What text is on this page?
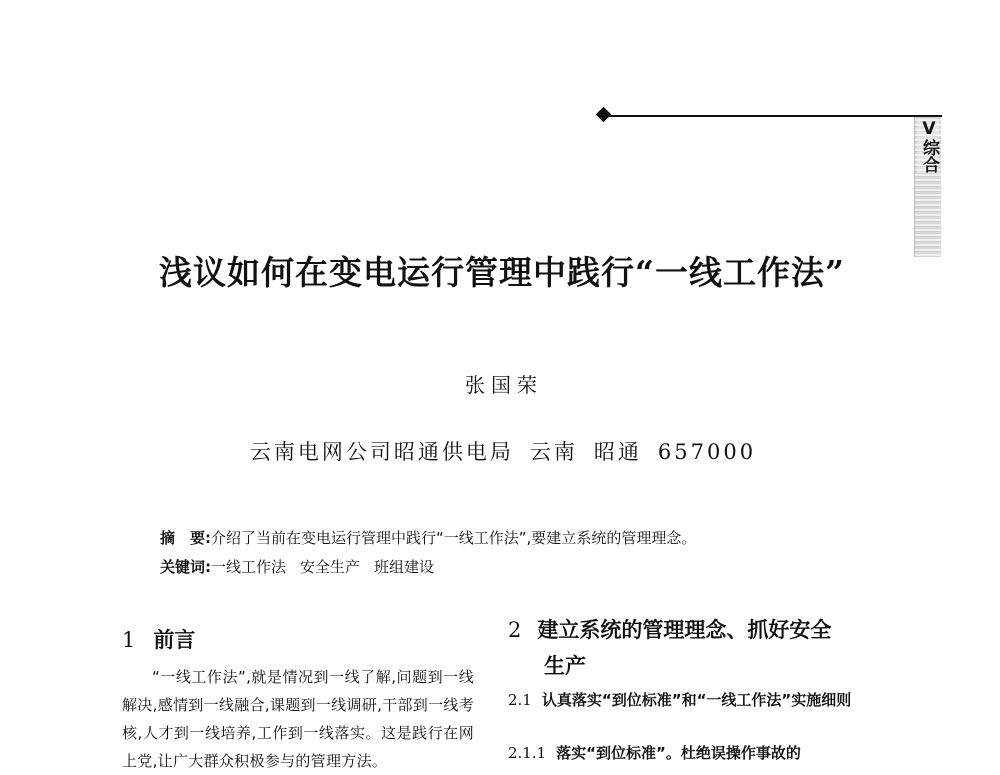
Ⅴ综合
浅议如何在变电运行管理中践行“一线工作法”
张国荣
云南电网公司昭通供电局 云南 昭通 657000
摘　要:介绍了当前在变电运行管理中践行“一线工作法”,要建立系统的管理理念。
关键词:一线工作法 安全生产 班组建设
1 前言
“一线工作法”,就是情况到一线了解,问题到一线解决,感情到一线融合,课题到一线调研,干部到一线考核,人才到一线培养,工作到一线落实。这是践行在网上党,让广大群众积极参与的管理方法。
2 建立系统的管理理念、抓好安全
生产
2.1 认真落实“到位标准”和“一线工作法”实施细则
2.1.1 落实“到位标准”。杜绝误操作事故的
